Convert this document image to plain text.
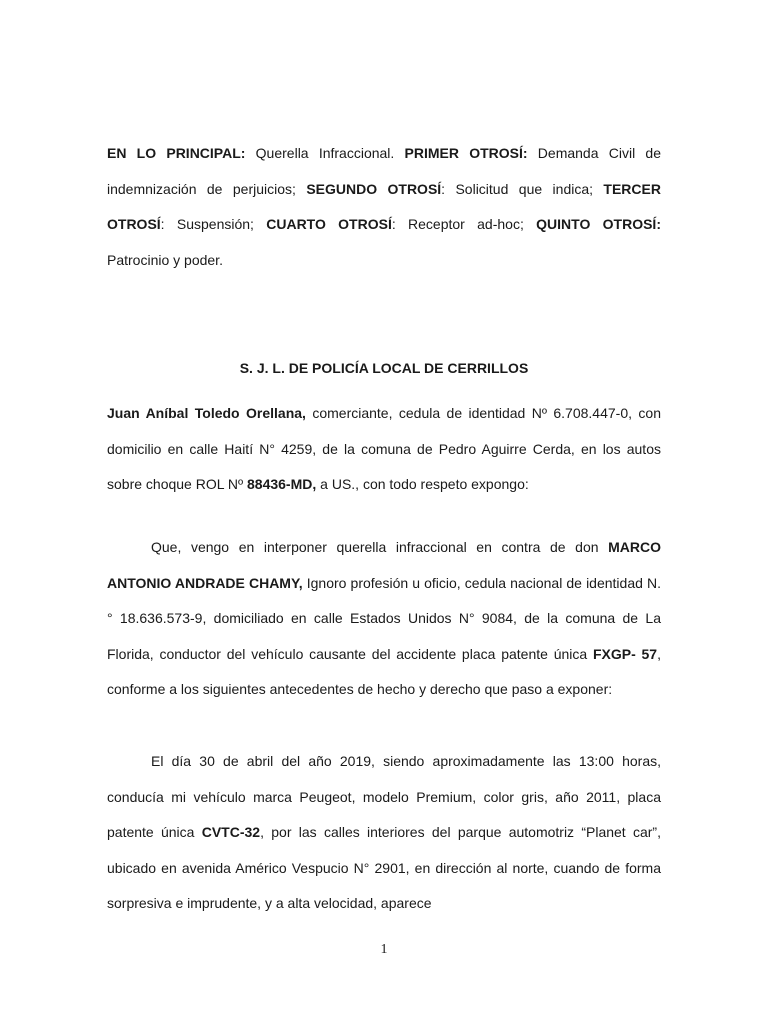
EN LO PRINCIPAL: Querella Infraccional. PRIMER OTROSÍ: Demanda Civil de indemnización de perjuicios; SEGUNDO OTROSÍ: Solicitud que indica; TERCER OTROSÍ: Suspensión; CUARTO OTROSÍ: Receptor ad-hoc; QUINTO OTROSÍ: Patrocinio y poder.

S. J. L. DE POLICÍA LOCAL DE CERRILLOS

Juan Aníbal Toledo Orellana, comerciante, cedula de identidad Nº 6.708.447-0, con domicilio en calle Haití N° 4259, de la comuna de Pedro Aguirre Cerda, en los autos sobre choque ROL Nº 88436-MD, a US., con todo respeto expongo:

Que, vengo en interponer querella infraccional en contra de don MARCO ANTONIO ANDRADE CHAMY, Ignoro profesión u oficio, cedula nacional de identidad N.° 18.636.573-9, domiciliado en calle Estados Unidos N° 9084, de la comuna de La Florida, conductor del vehículo causante del accidente placa patente única FXGP- 57, conforme a los siguientes antecedentes de hecho y derecho que paso a exponer:

El día 30 de abril del año 2019, siendo aproximadamente las 13:00 horas, conducía mi vehículo marca Peugeot, modelo Premium, color gris, año 2011, placa patente única CVTC-32, por las calles interiores del parque automotriz “Planet car”, ubicado en avenida Américo Vespucio N° 2901, en dirección al norte, cuando de forma sorpresiva e imprudente, y a alta velocidad, aparece

1
